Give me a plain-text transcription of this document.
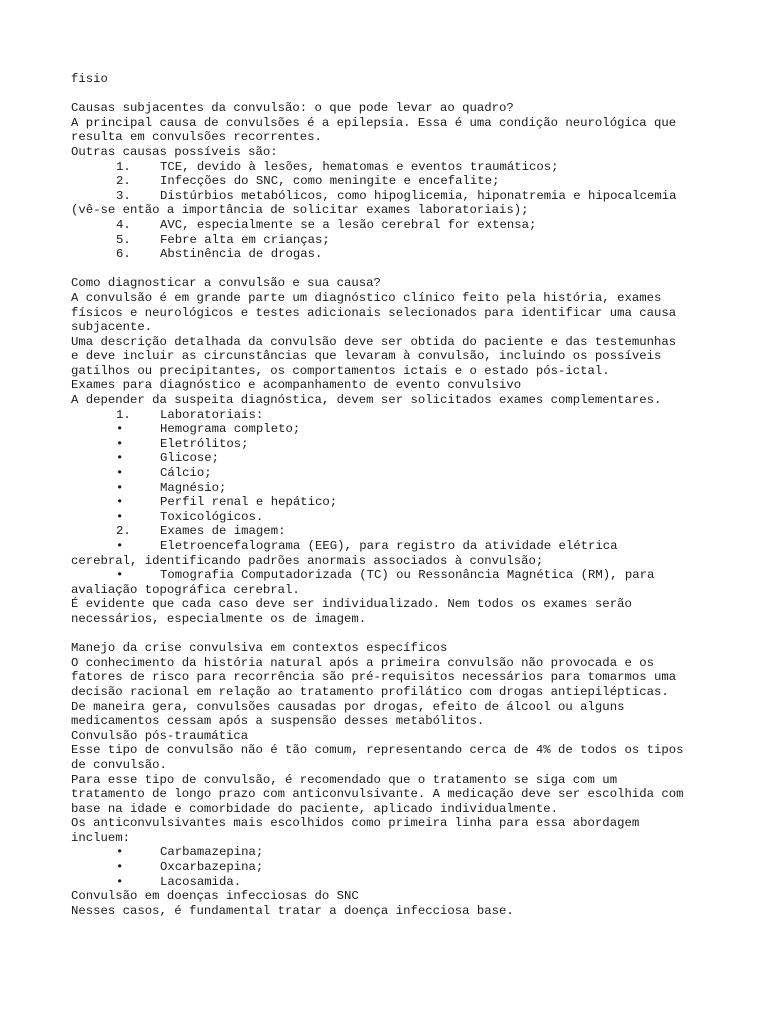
fisio
Causas subjacentes da convulsão: o que pode levar ao quadro?
A principal causa de convulsões é a epilepsia. Essa é uma condição neurológica que
resulta em convulsões recorrentes.
Outras causas possíveis são:
1. TCE, devido à lesões, hematomas e eventos traumáticos;
2. Infecções do SNC, como meningite e encefalite;
3. Distúrbios metabólicos, como hipoglicemia, hiponatremia e hipocalcemia
(vê-se então a importância de solicitar exames laboratoriais);
4. AVC, especialmente se a lesão cerebral for extensa;
5. Febre alta em crianças;
6. Abstinência de drogas.
Como diagnosticar a convulsão e sua causa?
A convulsão é em grande parte um diagnóstico clínico feito pela história, exames
físicos e neurológicos e testes adicionais selecionados para identificar uma causa
subjacente.
Uma descrição detalhada da convulsão deve ser obtida do paciente e das testemunhas
e deve incluir as circunstâncias que levaram à convulsão, incluindo os possíveis
gatilhos ou precipitantes, os comportamentos ictais e o estado pós-ictal.
Exames para diagnóstico e acompanhamento de evento convulsivo
A depender da suspeita diagnóstica, devem ser solicitados exames complementares.
1. Laboratoriais:
•	Hemograma completo;
•	Eletrólitos;
•	Glicose;
•	Cálcio;
•	Magnésio;
•	Perfil renal e hepático;
•	Toxicológicos.
2. Exames de imagem:
•	Eletroencefalograma (EEG), para registro da atividade elétrica
cerebral, identificando padrões anormais associados à convulsão;
•	Tomografia Computadorizada (TC) ou Ressonância Magnética (RM), para
avaliação topográfica cerebral.
É evidente que cada caso deve ser individualizado. Nem todos os exames serão
necessários, especialmente os de imagem.
Manejo da crise convulsiva em contextos específicos
O conhecimento da história natural após a primeira convulsão não provocada e os
fatores de risco para recorrência são pré-requisitos necessários para tomarmos uma
decisão racional em relação ao tratamento profilático com drogas antiepilépticas.
De maneira gera, convulsões causadas por drogas, efeito de álcool ou alguns
medicamentos cessam após a suspensão desses metabólitos.
Convulsão pós-traumática
Esse tipo de convulsão não é tão comum, representando cerca de 4% de todos os tipos
de convulsão.
Para esse tipo de convulsão, é recomendado que o tratamento se siga com um
tratamento de longo prazo com anticonvulsivante. A medicação deve ser escolhida com
base na idade e comorbidade do paciente, aplicado individualmente.
Os anticonvulsivantes mais escolhidos como primeira linha para essa abordagem
incluem:
•	Carbamazepina;
•	Oxcarbazepina;
•	Lacosamida.
Convulsão em doenças infecciosas do SNC
Nesses casos, é fundamental tratar a doença infecciosa base.
